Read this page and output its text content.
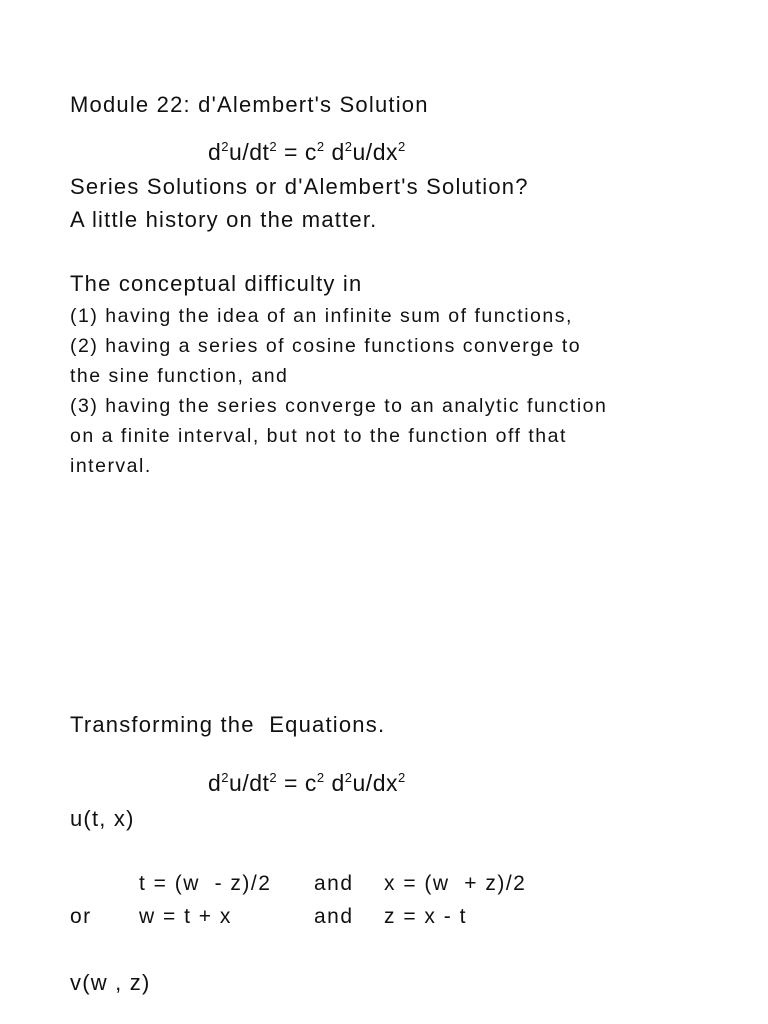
Module 22: d'Alembert's Solution
$d^2u/dt^2 = c^2$ $d^2u/dx^2$
Series Solutions or d'Alembert's Solution?
A little history on the matter.
The conceptual difficulty in
(1) having the idea of an infinite sum of functions,
(2) having a series of cosine functions converge to
the sine function, and
(3) having the series converge to an analytic function
on a finite interval, but not to the function off that
interval.
Transforming the  Equations.
$d^2u/dt^2 = c^2$ $d^2u/dx^2$
u(t, x)
t = (w  - z)/2 and x = (w  + z)/2
or w = t + x	and z = x - t
v(w , z)
